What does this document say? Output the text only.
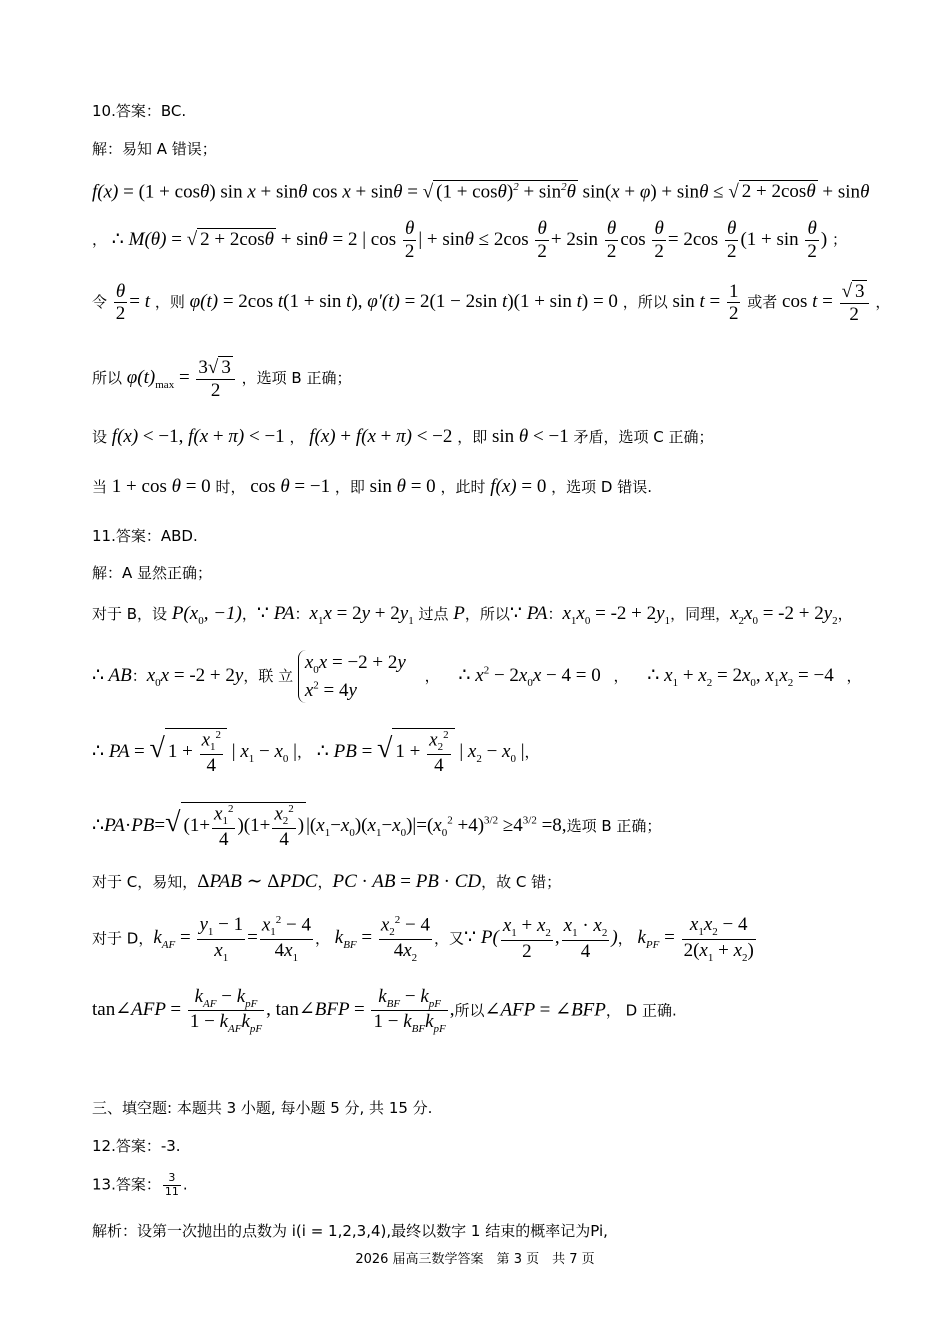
10.答案：BC.
解：易知 A 错误；
f(x) = (1 + cosθ) sin x + sinθ cos x + sinθ = √ $(1 + \cos\theta)^2 + \sin^2\theta$ sin(x + φ) + sinθ ≤ √ 2 + 2cosθ + sinθ
， ∴ M(θ) = √ 2 + 2cosθ + sinθ = 2 | $\cos \frac{\theta}{2}$ | + $\sin\theta \le 2\cos \frac{\theta}{2} + 2\sin \frac{\theta}{2}$ $\cos \frac{\theta}{2} = 2\cos \frac{\theta}{2} (1 + \sin \frac{\theta}{2}$ ) ；
令 $\frac{\theta}{2} = t$ ，则 φ(t) = 2cos t(1 + sin t), φ′(t) = 2(1 − 2sin t)(1 + sin t) = 0 ，所以 $\sin t = \frac{1}{2}$ 或者 $\cos t = \frac{√ 3}{2}$ ，
所以 $\varphi(t)_{max} = \frac{3√ 3}{2}$ ，选项 B 正确；
设 f(x) < −1, f(x + π) < −1 ， f(x) + f(x + π) < −2 ，即 sin θ < −1 矛盾，选项 C 正确；
当 1 + cos θ = 0 时， cos θ = −1 ，即 sin θ = 0 ，此时 f(x) = 0 ，选项 D 错误.
11.答案：ABD.
解：A 显然正确；
对于 B，设 $P(x_0$, −1)，∵ PA：$x_1x = 2y + 2y_1$ 过点 P，所以∵ PA：$x_1x_0 = -2 + 2y_1$，同理，$x_2x_0 = -2 + 2y_2$，
∴ AB：$x_0x = -2 + 2y$，联 立
$x_0x = -2 + 2y$
$x^2 = 4y$
， ∴ $x^2 - 2x_0x - 4 = 0$ ， ∴ $x_1 + x_2 = 2x_0$, $x_1x_2 = -4$ ，
∴ PA = √ $1 + \frac{x_1^2}{4}$ | $x_1 - x_0$ |， ∴ PB = √ $1 + \frac{x_2^2}{4}$ | $x_2 - x_0$ |，
∴PA·PB=√ $(1+ \frac{x_1^2}{4} )(1+ \frac{x_2^2}{4}$ ) $|(x_1-x_0)(x_1-x_0)|=(x_0^2 +4)^{3/2} \ge 4^{3/2} =8$,选项 B 正确；
对于 C，易知，ΔPAB ∼ ΔPDC，PC · AB = PB · CD，故 C 错；
对于 D，$k_{AF} = \frac{y_1 - 1}{x_1} = \frac{x_1^2 - 4}{4x_1}$ ， $k_{BF} = \frac{x_2^2 - 4}{4x_2}$ ，又∵ $P( \frac{x_1 + x_2}{2}$ , $\frac{x_1 \cdot x_2}{4}$ )， $k_{PF} = \frac{x_1x_2 - 4}{2(x_1 + x_2)}$
tan∠AFP = $\frac{k_{AF} - k_{pF}}{1 - k_{AF}k_{pF}}$ , tan∠BFP = $\frac{k_{BF} - k_{pF}}{1 - k_{BF}k_{pF}}$ ,所以∠AFP = ∠BFP， D 正确.
三、填空题: 本题共 3 小题, 每小题 5 分, 共 15 分.
12.答案：-3.
13.答案： $\frac{3}{11}$ .
解析：设第一次抛出的点数为 i(i = 1,2,3,4),最终以数字 1 结束的概率记为Pi,
2026 届高三数学答案　第 3 页　共 7 页
